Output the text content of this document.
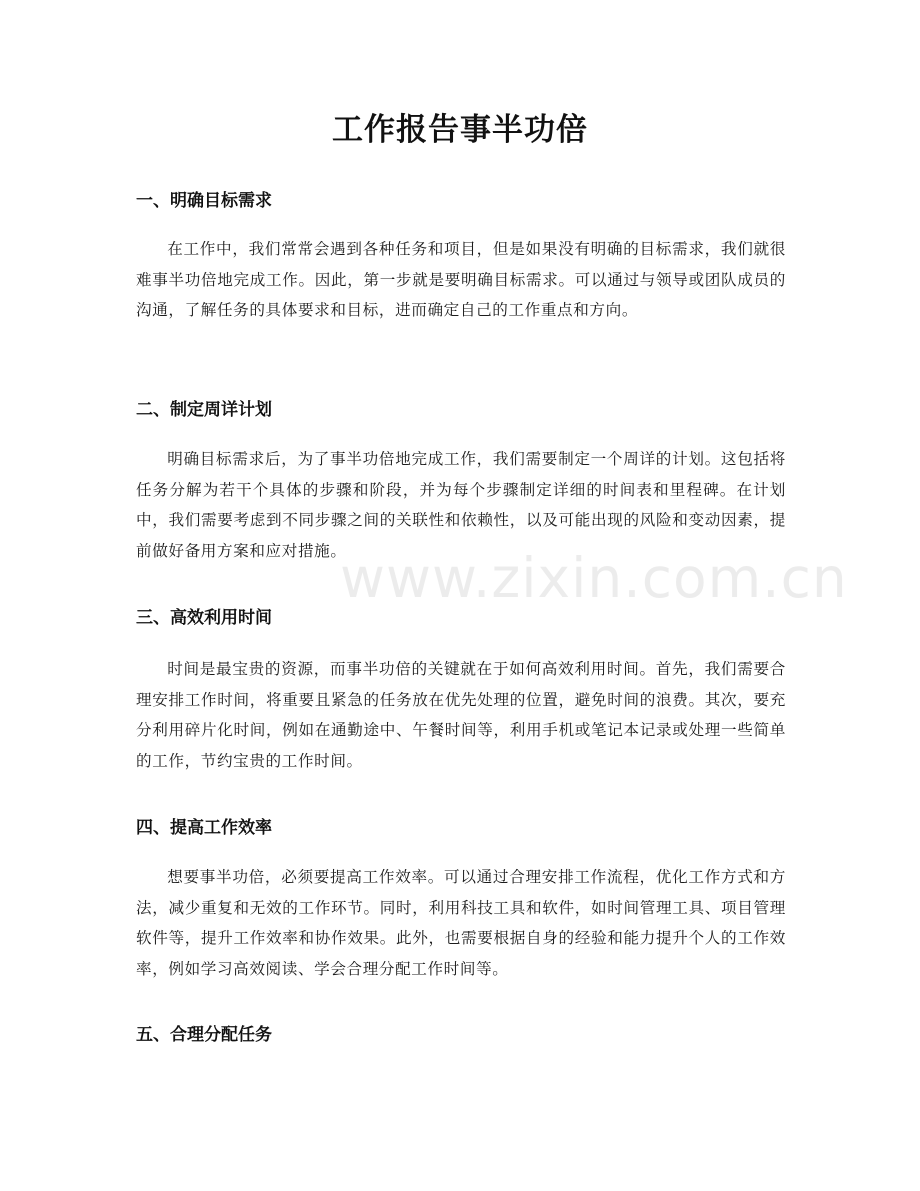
工作报告事半功倍
一、明确目标需求

在工作中，我们常常会遇到各种任务和项目，但是如果没有明确的目标需求，我们就很难事半功倍地完成工作。因此，第一步就是要明确目标需求。可以通过与领导或团队成员的沟通，了解任务的具体要求和目标，进而确定自己的工作重点和方向。

二、制定周详计划

明确目标需求后，为了事半功倍地完成工作，我们需要制定一个周详的计划。这包括将任务分解为若干个具体的步骤和阶段，并为每个步骤制定详细的时间表和里程碑。在计划中，我们需要考虑到不同步骤之间的关联性和依赖性，以及可能出现的风险和变动因素，提前做好备用方案和应对措施。

三、高效利用时间

时间是最宝贵的资源，而事半功倍的关键就在于如何高效利用时间。首先，我们需要合理安排工作时间，将重要且紧急的任务放在优先处理的位置，避免时间的浪费。其次，要充分利用碎片化时间，例如在通勤途中、午餐时间等，利用手机或笔记本记录或处理一些简单的工作，节约宝贵的工作时间。

四、提高工作效率

想要事半功倍，必须要提高工作效率。可以通过合理安排工作流程，优化工作方式和方法，减少重复和无效的工作环节。同时，利用科技工具和软件，如时间管理工具、项目管理软件等，提升工作效率和协作效果。此外，也需要根据自身的经验和能力提升个人的工作效率，例如学习高效阅读、学会合理分配工作时间等。

五、合理分配任务
www.zixin.com.cn
